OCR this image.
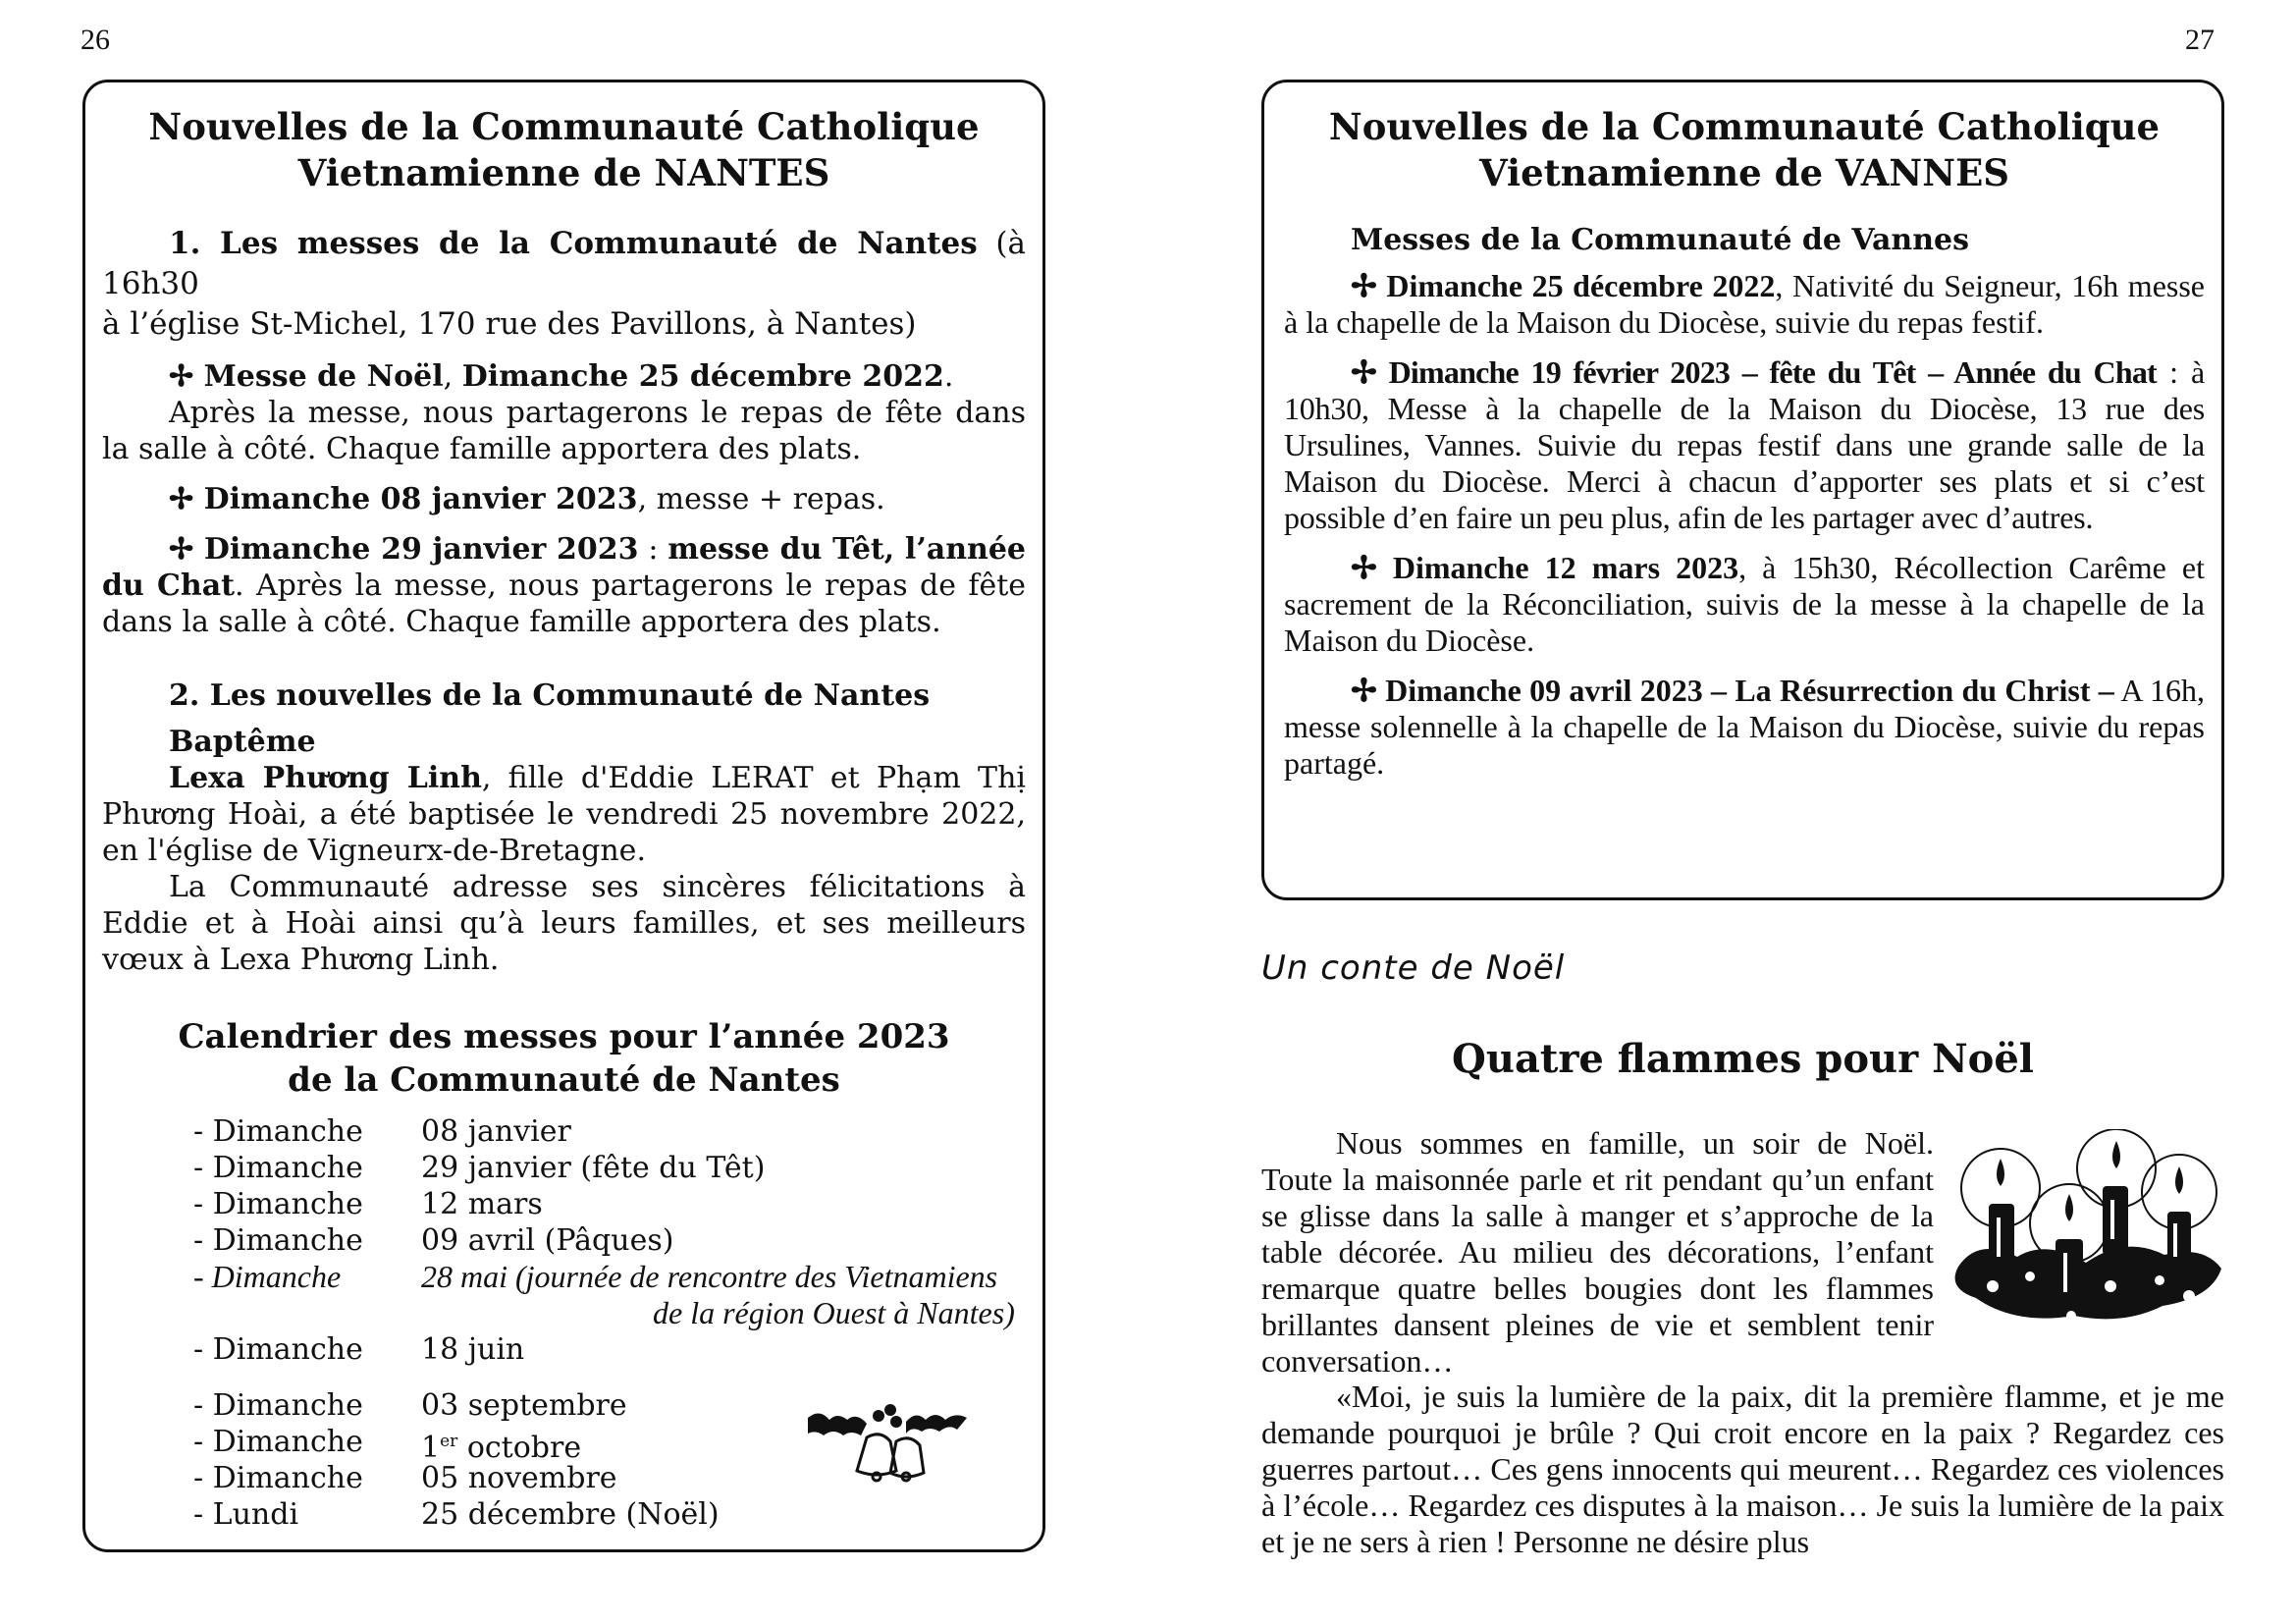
26	27

Nouvelles de la Communauté Catholique

Vietnamienne de NANTES

1. Les messes de la Communauté de Nantes (à 16h30
à l’église St-Michel, 170 rue des Pavillons, à Nantes)

✢ Messe de Noël, Dimanche 25 décembre 2022.

Après la messe, nous partagerons le repas de fête dans la salle à côté. Chaque famille apportera des plats.

✢ Dimanche 08 janvier 2023, messe + repas.

✢ Dimanche 29 janvier 2023 : messe du Têt, l’année du Chat. Après la messe, nous partagerons le repas de fête dans la salle à côté. Chaque famille apportera des plats.

2. Les nouvelles de la Communauté de Nantes

Baptême

Lexa Phương Linh, fille d'Eddie LERAT et Phạm Thị Phương Hoài, a été baptisée le vendredi 25 novembre 2022, en l'église de Vigneurx-de-Bretagne.

La Communauté adresse ses sincères félicitations à Eddie et à Hoài ainsi qu’à leurs familles, et ses meilleurs vœux à Lexa Phương Linh.

Calendrier des messes pour l’année 2023

de la Communauté de Nantes

- Dimanche 08 janvier
- Dimanche 29 janvier (fête du Têt)
- Dimanche 12 mars
- Dimanche 09 avril (Pâques)
- Dimanche	28 mai (journée de rencontre des Vietnamiens
de la région Ouest à Nantes)
- Dimanche 18 juin
- Dimanche 03 septembre
- Dimanche 1er octobre
- Dimanche 05 novembre
- Lundi	25 décembre (Noël)

Nouvelles de la Communauté Catholique

Vietnamienne de VANNES

Messes de la Communauté de Vannes

✢ Dimanche 25 décembre 2022, Nativité du Seigneur, 16h messe à la chapelle de la Maison du Diocèse, suivie du repas festif.

✢ Dimanche 19 février 2023 – fête du Têt – Année du Chat : à 10h30, Messe à la chapelle de la Maison du Diocèse, 13 rue des Ursulines, Vannes. Suivie du repas festif dans une grande salle de la Maison du Diocèse. Merci à chacun d’apporter ses plats et si c’est possible d’en faire un peu plus, afin de les partager avec d’autres.

✢ Dimanche 12 mars 2023, à 15h30, Récollection Carême et sacrement de la Réconciliation, suivis de la messe à la chapelle de la Maison du Diocèse.

✢ Dimanche 09 avril 2023 – La Résurrection du Christ – A 16h, messe solennelle à la chapelle de la Maison du Diocèse, suivie du repas partagé.

Un conte de Noël
Quatre flammes pour Noël
Nous sommes en famille, un soir de Noël. Toute la maisonnée parle et rit pendant qu’un enfant se glisse dans la salle à manger et s’approche de la table décorée. Au milieu des décorations, l’enfant remarque quatre belles bougies dont les flammes brillantes dansent pleines de vie et semblent tenir conversation…
«Moi, je suis la lumière de la paix, dit la première flamme, et je me demande pourquoi je brûle ? Qui croit encore en la paix ? Regardez ces guerres partout… Ces gens innocents qui meurent… Regardez ces violences à l’école… Regardez ces disputes à la maison… Je suis la lumière de la paix et je ne sers à rien ! Personne ne désire plus
